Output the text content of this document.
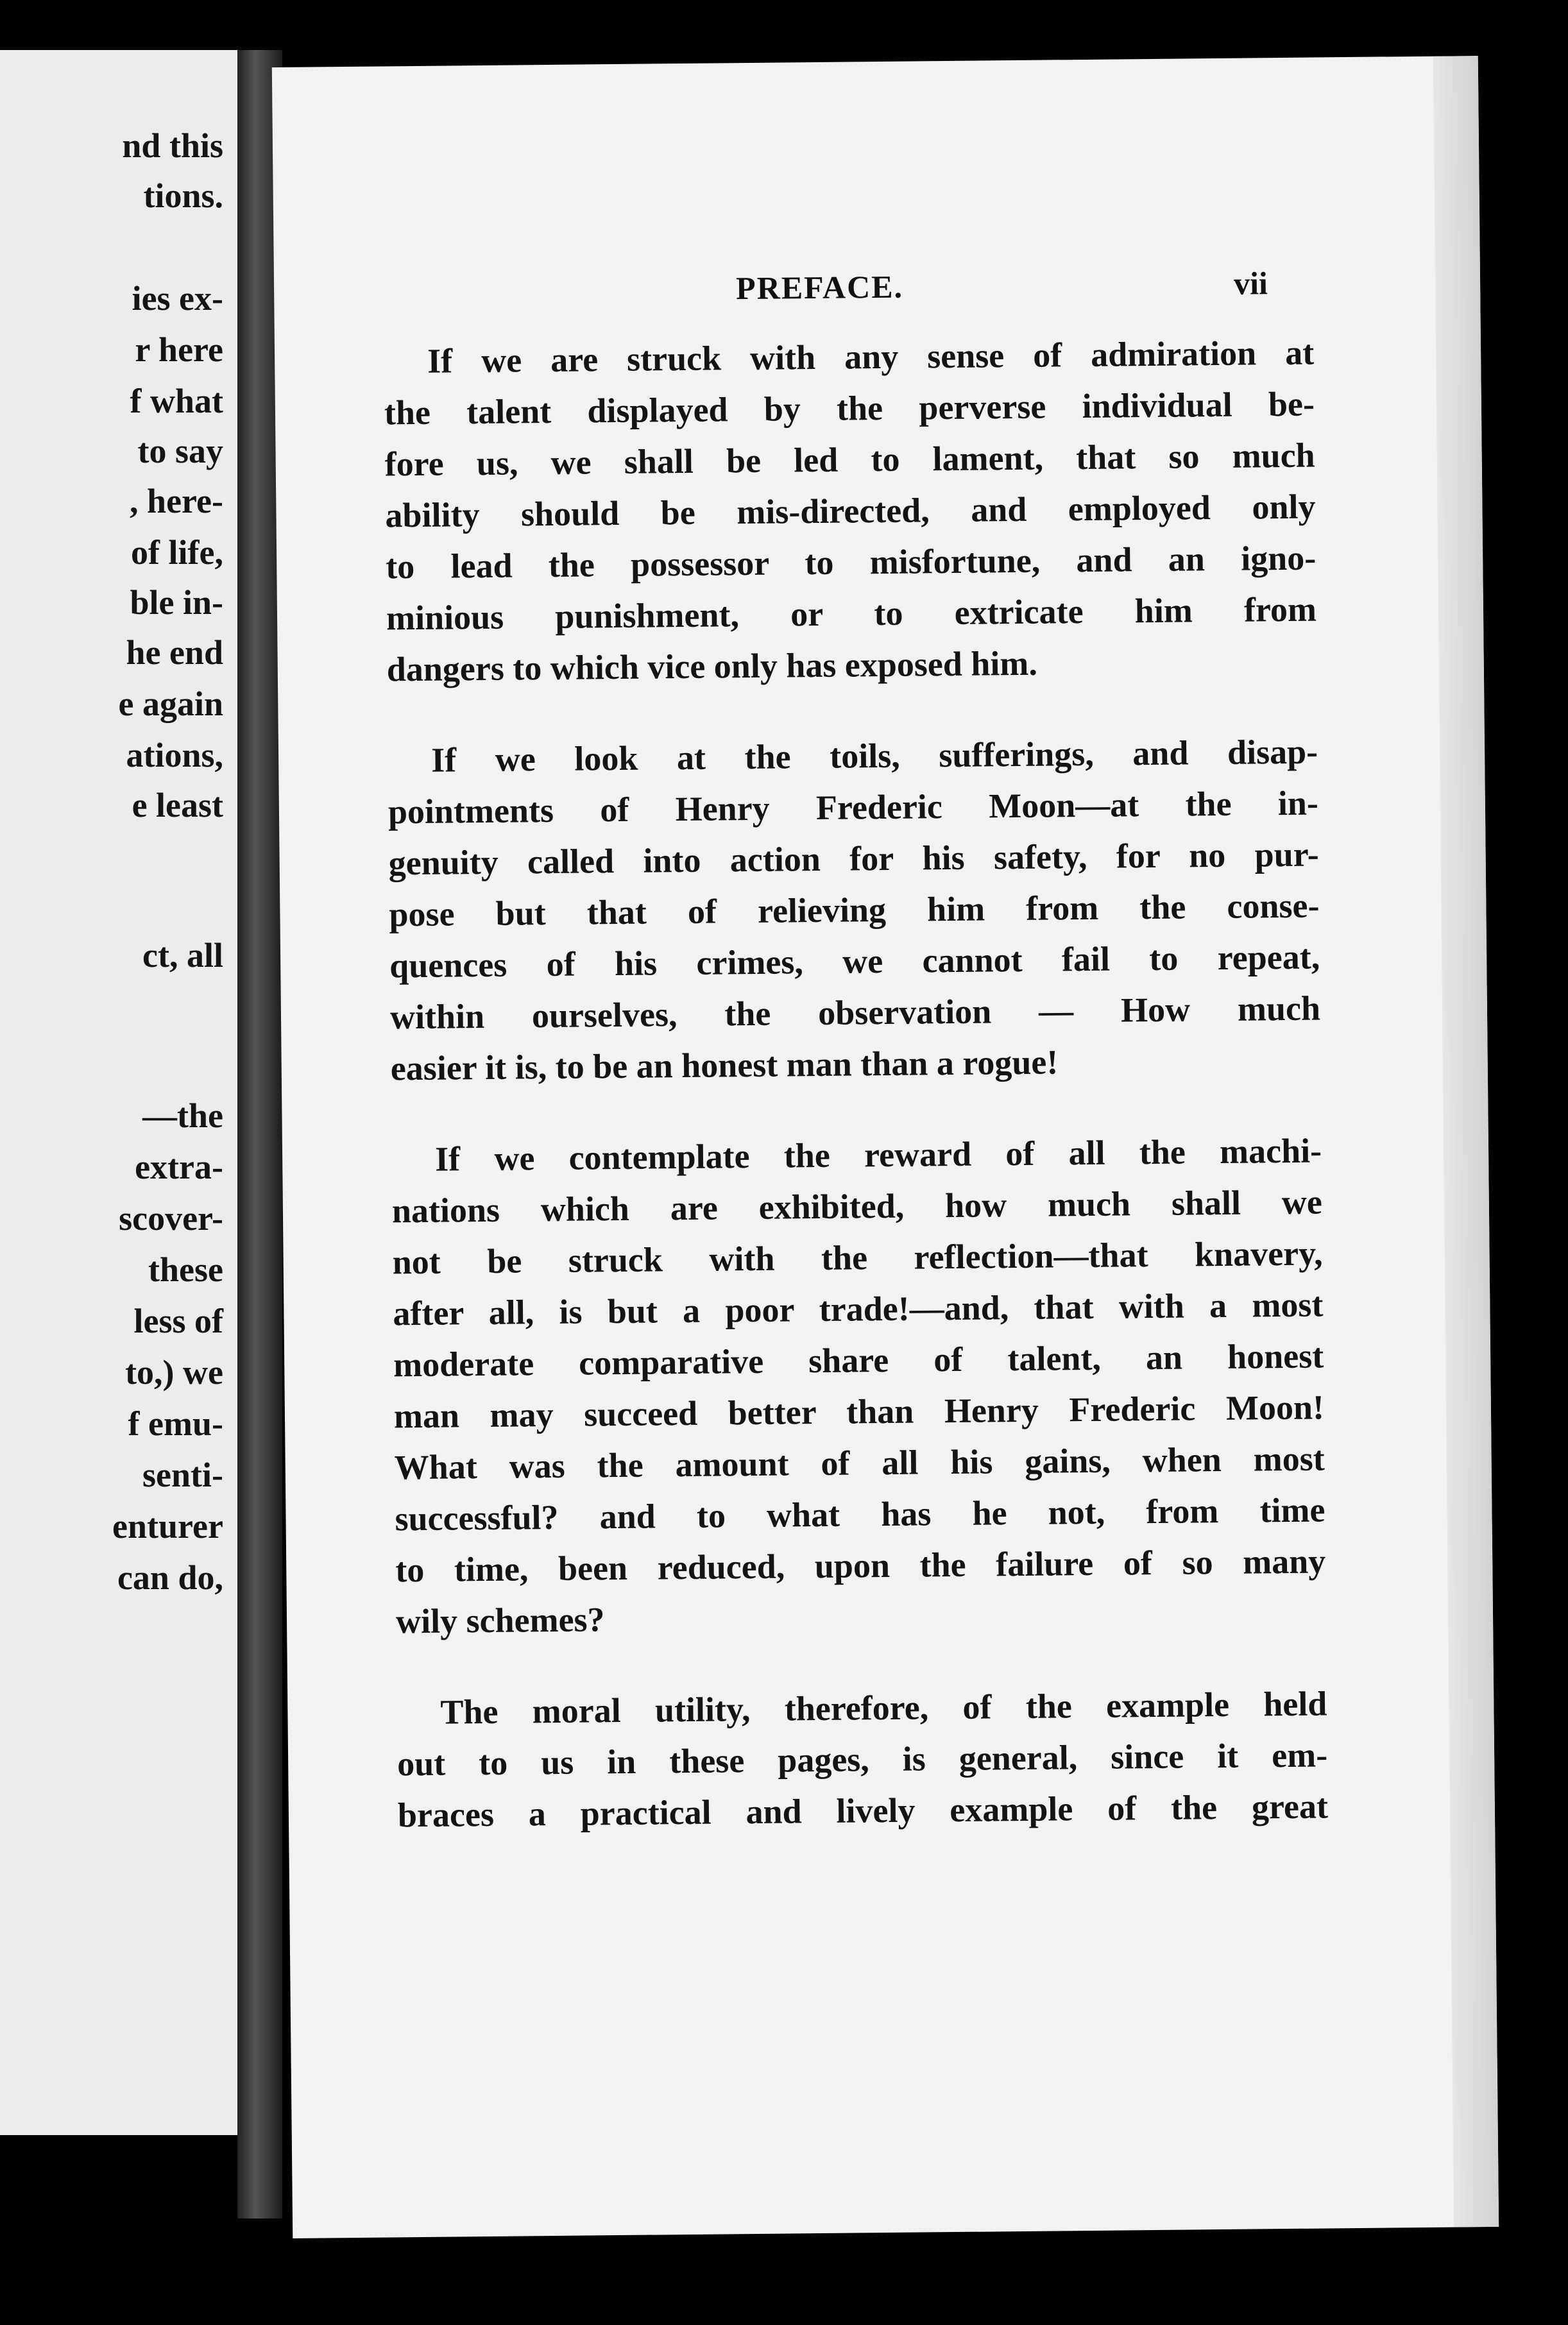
nd this
tions.
ies ex-
r here
f what
to say
, here-
of life,
ble in-
he end
e again
ations,
e least
ct, all
—the
extra-
scover-
these
less of
to,) we
f emu-
senti-
enturer
can do,
PREFACE.	vii
If we are struck with any sense of admiration at
the talent displayed by the perverse individual be-
fore us, we shall be led to lament, that so much
ability should be mis-directed, and employed only
to lead the possessor to misfortune, and an igno-
minious punishment, or to extricate him from
dangers to which vice only has exposed him.
If we look at the toils, sufferings, and disap-
pointments of Henry Frederic Moon—at the in-
genuity called into action for his safety, for no pur-
pose but that of relieving him from the conse-
quences of his crimes, we cannot fail to repeat,
within ourselves, the observation — How much
easier it is, to be an honest man than a rogue!
If we contemplate the reward of all the machi-
nations which are exhibited, how much shall we
not be struck with the reflection—that knavery,
after all, is but a poor trade!—and, that with a most
moderate comparative share of talent, an honest
man may succeed better than Henry Frederic Moon!
What was the amount of all his gains, when most
successful? and to what has he not, from time
to time, been reduced, upon the failure of so many
wily schemes?
The moral utility, therefore, of the example held
out to us in these pages, is general, since it em-
braces a practical and lively example of the great
